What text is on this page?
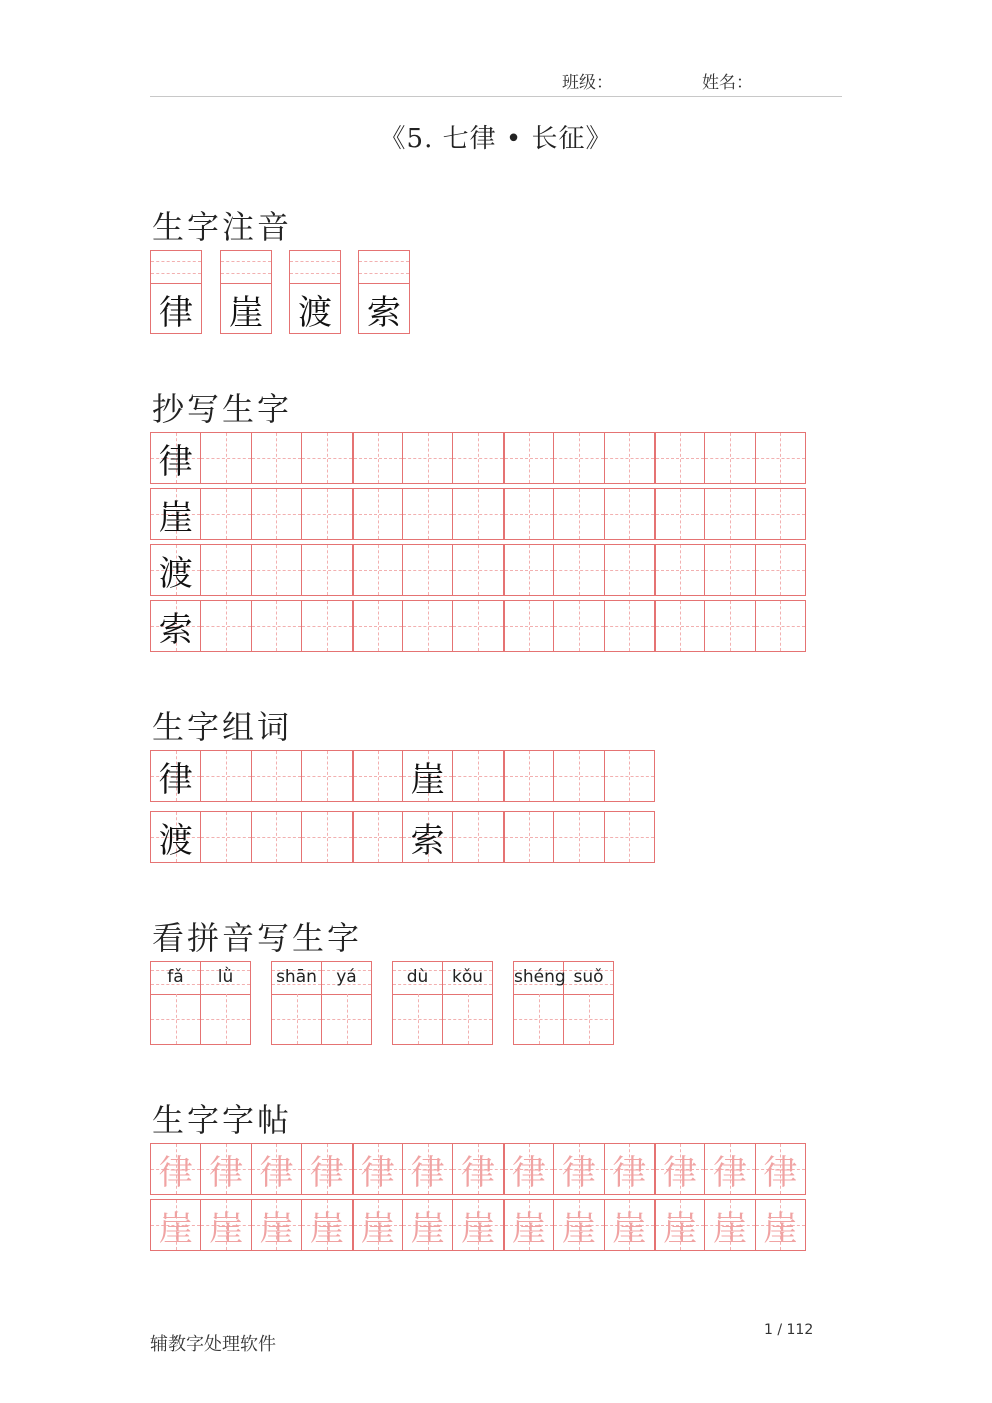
班级：	姓名：
《5. 七律 • 长征》
生字注音
律 崖 渡 索
抄写生字
律
崖
渡
索
生字组词
律	崖
渡	索
看拼音写生字
fǎ	lǜ	shān	yá	dù	kǒu	shéng suǒ
生字字帖
律 律 律 律 律 律 律 律 律 律 律 律 律
崖 崖 崖 崖 崖 崖 崖 崖 崖 崖 崖 崖 崖
辅教字处理软件
1 / 112
